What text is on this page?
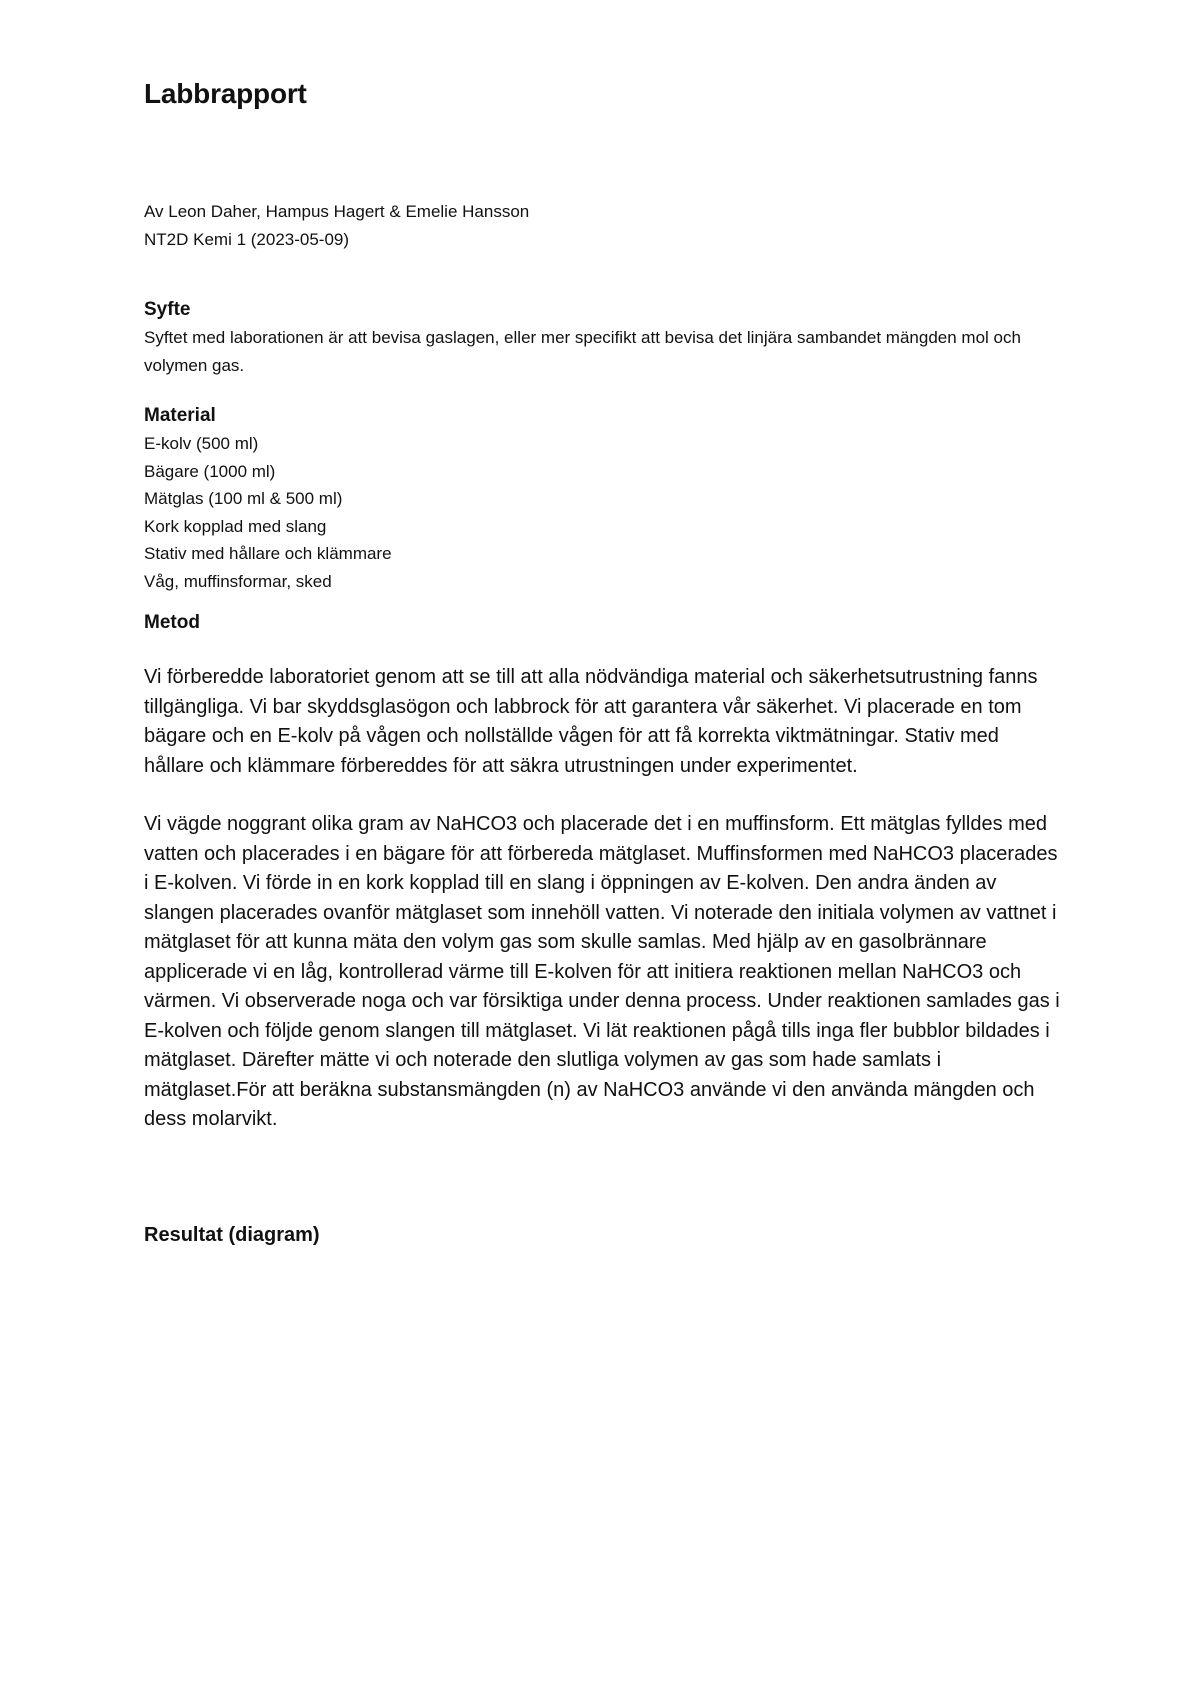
Labbrapport
Av Leon Daher, Hampus Hagert & Emelie Hansson
NT2D Kemi 1 (2023-05-09)
Syfte
Syftet med laborationen är att bevisa gaslagen, eller mer specifikt att bevisa det linjära sambandet mängden mol och volymen gas.
Material
E-kolv (500 ml)
Bägare (1000 ml)
Mätglas (100 ml & 500 ml)
Kork kopplad med slang
Stativ med hållare och klämmare
Våg, muffinsformar, sked
Metod

Vi förberedde laboratoriet genom att se till att alla nödvändiga material och säkerhetsutrustning fanns tillgängliga. Vi bar skyddsglasögon och labbrock för att garantera vår säkerhet. Vi placerade en tom bägare och en E-kolv på vågen och nollställde vågen för att få korrekta viktmätningar. Stativ med hållare och klämmare förbereddes för att säkra utrustningen under experimentet.

Vi vägde noggrant olika gram av NaHCO3 och placerade det i en muffinsform. Ett mätglas fylldes med vatten och placerades i en bägare för att förbereda mätglaset. Muffinsformen med NaHCO3 placerades i E-kolven. Vi förde in en kork kopplad till en slang i öppningen av E-kolven. Den andra änden av slangen placerades ovanför mätglaset som innehöll vatten. Vi noterade den initiala volymen av vattnet i mätglaset för att kunna mäta den volym gas som skulle samlas. Med hjälp av en gasolbrännare applicerade vi en låg, kontrollerad värme till E-kolven för att initiera reaktionen mellan NaHCO3 och värmen. Vi observerade noga och var försiktiga under denna process. Under reaktionen samlades gas i E-kolven och följde genom slangen till mätglaset. Vi lät reaktionen pågå tills inga fler bubblor bildades i mätglaset. Därefter mätte vi och noterade den slutliga volymen av gas som hade samlats i mätglaset.För att beräkna substansmängden (n) av NaHCO3 använde vi den använda mängden och dess molarvikt.

Resultat (diagram)
